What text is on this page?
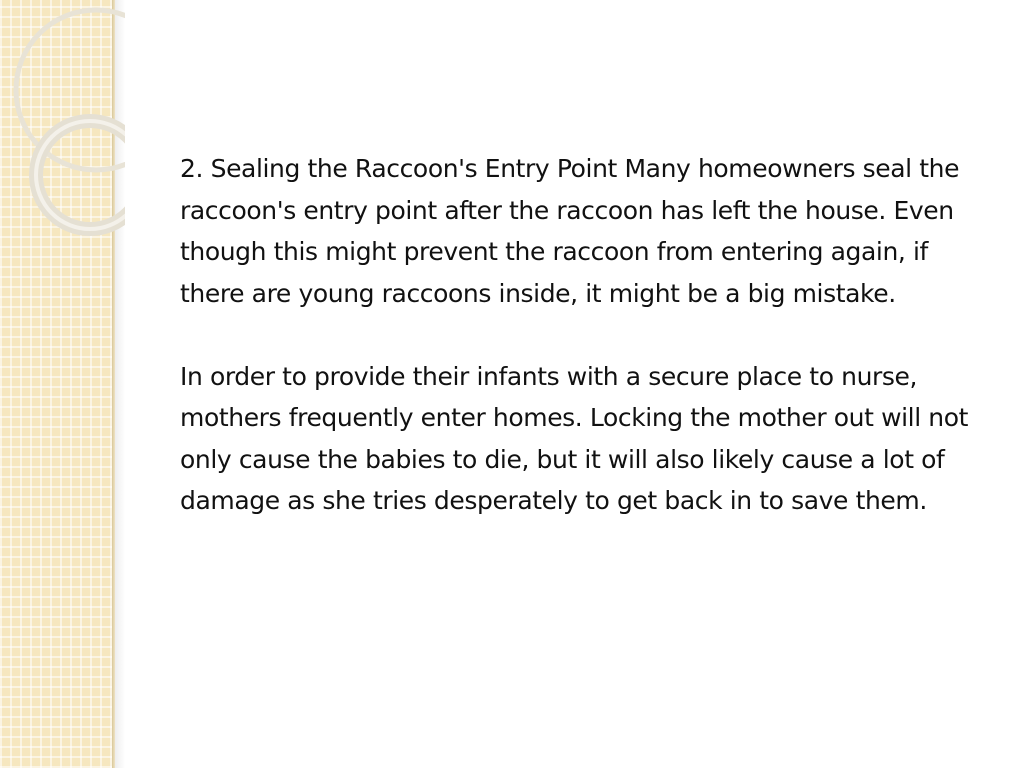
2. Sealing the Raccoon's Entry Point Many homeowners seal the raccoon's entry point after the raccoon has left the house. Even though this might prevent the raccoon from entering again, if there are young raccoons inside, it might be a big mistake.

In order to provide their infants with a secure place to nurse, mothers frequently enter homes. Locking the mother out will not only cause the babies to die, but it will also likely cause a lot of damage as she tries desperately to get back in to save them.
